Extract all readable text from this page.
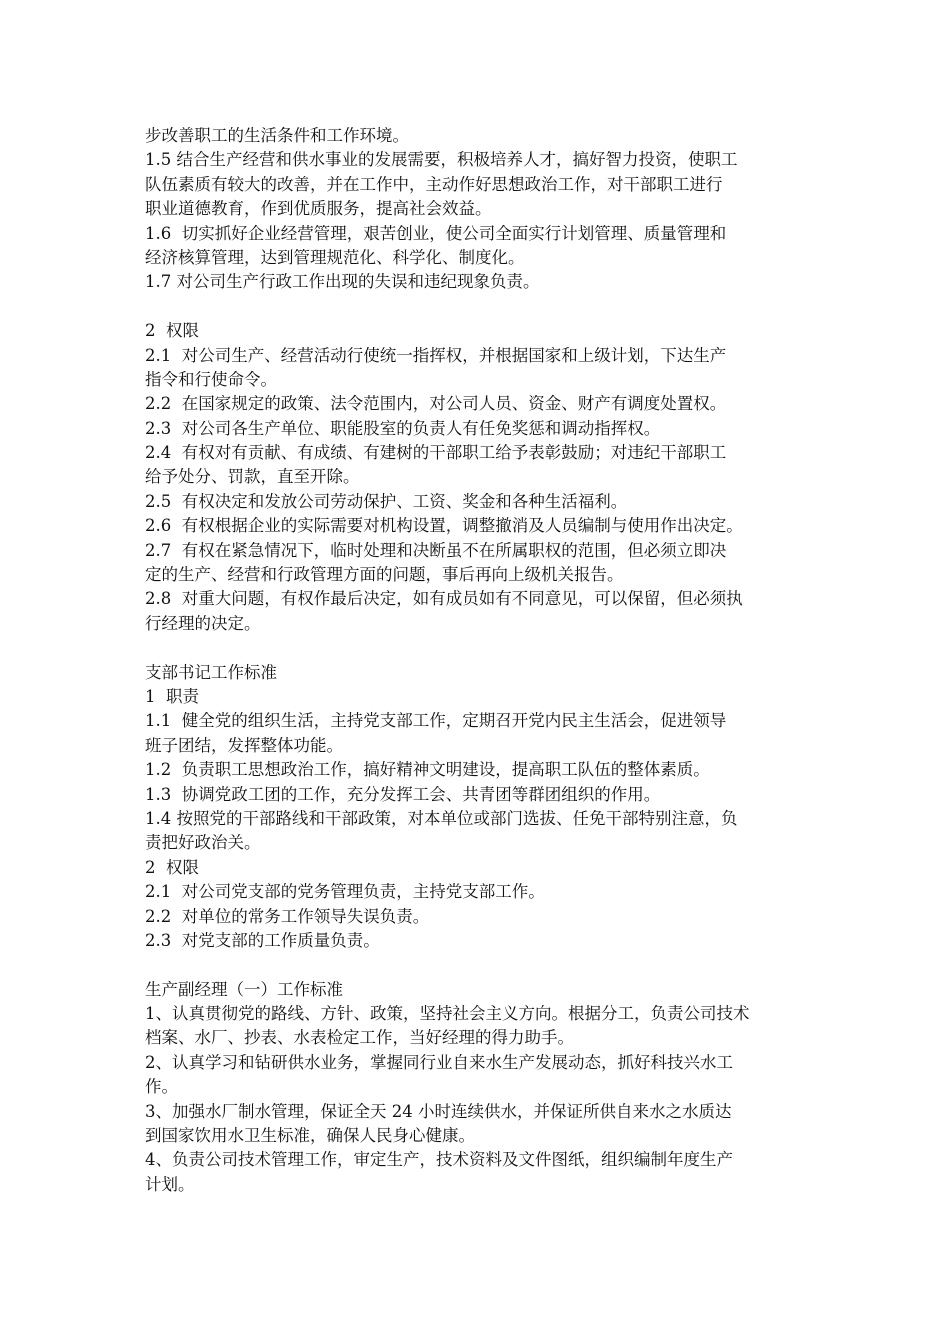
步改善职工的生活条件和工作环境。
1.5 结合生产经营和供水事业的发展需要，积极培养人才，搞好智力投资，使职工
队伍素质有较大的改善，并在工作中，主动作好思想政治工作，对干部职工进行
职业道德教育，作到优质服务，提高社会效益。
1.6  切实抓好企业经营管理，艰苦创业，使公司全面实行计划管理、质量管理和
经济核算管理，达到管理规范化、科学化、制度化。
1.7 对公司生产行政工作出现的失误和违纪现象负责。
2  权限
2.1  对公司生产、经营活动行使统一指挥权，并根据国家和上级计划，下达生产
指令和行使命令。
2.2  在国家规定的政策、法令范围内，对公司人员、资金、财产有调度处置权。
2.3  对公司各生产单位、职能股室的负责人有任免奖惩和调动指挥权。
2.4  有权对有贡献、有成绩、有建树的干部职工给予表彰鼓励；对违纪干部职工
给予处分、罚款，直至开除。
2.5  有权决定和发放公司劳动保护、工资、奖金和各种生活福利。
2.6  有权根据企业的实际需要对机构设置，调整撤消及人员编制与使用作出决定。
2.7  有权在紧急情况下，临时处理和决断虽不在所属职权的范围，但必须立即决
定的生产、经营和行政管理方面的问题，事后再向上级机关报告。
2.8  对重大问题，有权作最后决定，如有成员如有不同意见，可以保留，但必须执
行经理的决定。
支部书记工作标准
1  职责
1.1  健全党的组织生活，主持党支部工作，定期召开党内民主生活会，促进领导
班子团结，发挥整体功能。
1.2  负责职工思想政治工作，搞好精神文明建设，提高职工队伍的整体素质。
1.3  协调党政工团的工作，充分发挥工会、共青团等群团组织的作用。
1.4 按照党的干部路线和干部政策，对本单位或部门选拔、任免干部特别注意，负
责把好政治关。
2  权限
2.1  对公司党支部的党务管理负责，主持党支部工作。
2.2  对单位的常务工作领导失误负责。
2.3  对党支部的工作质量负责。
生产副经理（一）工作标准
1、认真贯彻党的路线、方针、政策，坚持社会主义方向。根据分工，负责公司技术
档案、水厂、抄表、水表检定工作，当好经理的得力助手。
2、认真学习和钻研供水业务，掌握同行业自来水生产发展动态，抓好科技兴水工
作。
3、加强水厂制水管理，保证全天 24 小时连续供水，并保证所供自来水之水质达
到国家饮用水卫生标准，确保人民身心健康。
4、负责公司技术管理工作，审定生产，技术资料及文件图纸，组织编制年度生产
计划。
